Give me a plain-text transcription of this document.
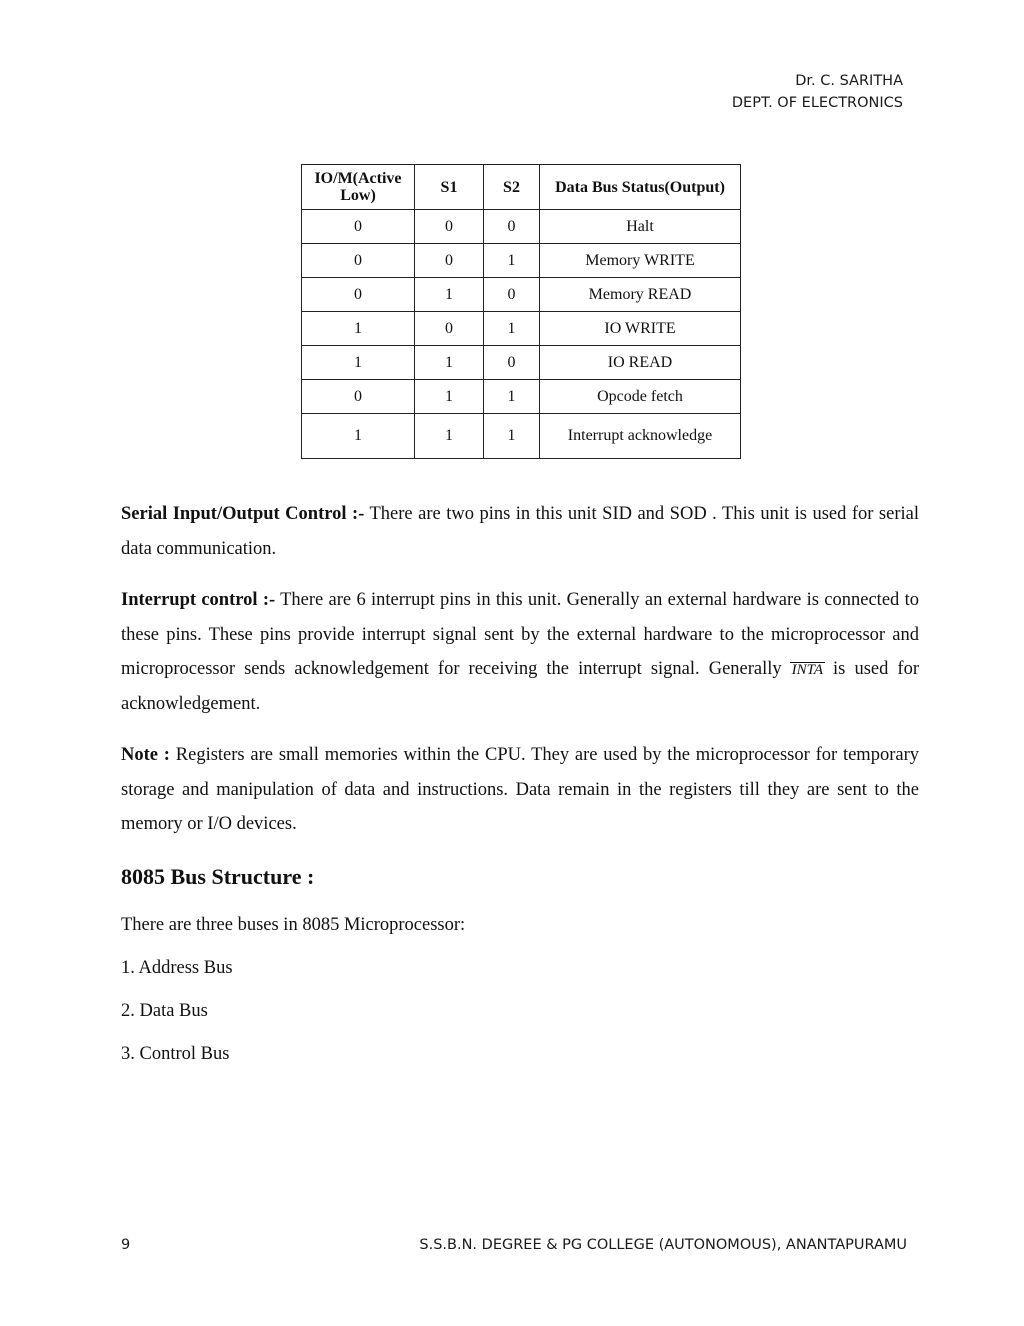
Dr. C. SARITHA
DEPT. OF ELECTRONICS
IO/M(Active Low)	S1	S2	Data Bus Status(Output)
0	0	0	Halt
0	0	1	Memory WRITE
0	1	0	Memory READ
1	0	1	IO WRITE
1	1	0	IO READ
0	1	1	Opcode fetch
1	1	1	Interrupt acknowledge

Serial Input/Output Control :- There are two pins in this unit SID and SOD . This unit is used for serial data communication.

Interrupt control :- There are 6 interrupt pins in this unit. Generally an external hardware is connected to these pins. These pins provide interrupt signal sent by the external hardware to the microprocessor and microprocessor sends acknowledgement for receiving the interrupt signal. Generally INTA is used for acknowledgement.

Note : Registers are small memories within the CPU. They are used by the microprocessor for temporary storage and manipulation of data and instructions. Data remain in the registers till they are sent to the memory or I/O devices.

8085 Bus Structure :

There are three buses in 8085 Microprocessor:

1. Address Bus

2. Data Bus

3. Control Bus

9	S.S.B.N. DEGREE & PG COLLEGE (AUTONOMOUS), ANANTAPURAMU
